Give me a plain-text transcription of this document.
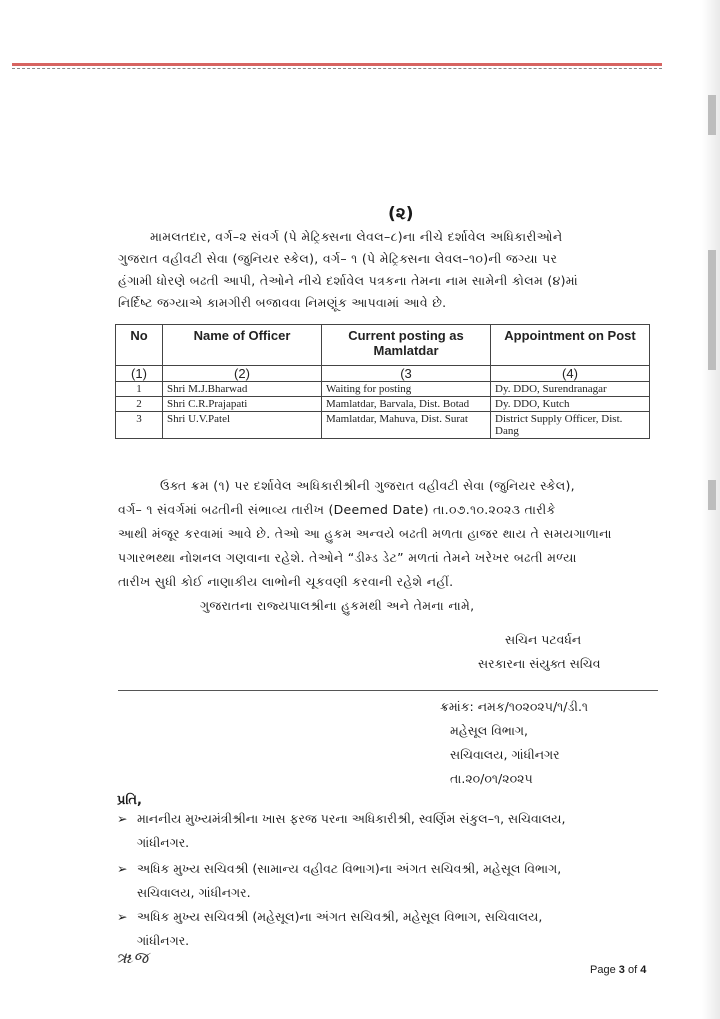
(૨)
મામલતદાર, વર્ગ–૨ સંવર્ગ (પે મેટ્રિક્સના લેવલ–૮)ના નીચે દર્શાવેલ અધિકારીઓને
ગુજરાત વહીવટી સેવા (જુનિયર સ્કેલ), વર્ગ– ૧ (પે મેટ્રિક્સના લેવલ–૧૦)ની જગ્યા પર
હંગામી ધોરણે બઢતી આપી, તેઓને નીચે દર્શાવેલ પત્રકના તેમના નામ સામેની કોલમ (૪)માં
નિર્દિષ્ટ જગ્યાએ કામગીરી બજાવવા નિમણૂંક આપવામાં આવે છે.
No	Name of Officer	Current posting as Mamlatdar	Appointment on Post
(1)	(2)	(3	(4)
1	Shri M.J.Bharwad	Waiting for posting	Dy. DDO, Surendranagar
2	Shri C.R.Prajapati	Mamlatdar, Barvala, Dist. Botad	Dy. DDO, Kutch
3	Shri U.V.Patel	Mamlatdar, Mahuva, Dist. Surat	District Supply Officer, Dist. Dang
ઉક્ત ક્રમ (૧) પર દર્શાવેલ અધિકારીશ્રીની ગુજરાત વહીવટી સેવા (જુનિયર સ્કેલ),
વર્ગ– ૧ સંવર્ગમાં બઢતીની સંભાવ્ય તારીખ (Deemed Date) તા.૦૭.૧૦.૨૦૨૩ તારીકે
આથી મંજૂર કરવામાં આવે છે. તેઓ આ હુકમ અન્વયે બઢતી મળતા હાજર થાય તે સમયગાળાના
પગારભથ્થા નોશનલ ગણવાના રહેશે. તેઓને “ડીમ્ડ ડેટ” મળતાં તેમને ખરેખર બઢતી મળ્યા
તારીખ સુધી કોઈ નાણાકીય લાભોની ચૂકવણી કરવાની રહેશે નહીં.
ગુજરાતના રાજ્યપાલશ્રીના હુકમથી અને તેમના નામે,
સચિન પટવર્ધન
સરકારના સંયુક્ત સચિવ
ક્રમાંક: નમક/૧૦૨૦૨૫/૧/ડી.૧
મહેસૂલ વિભાગ,
સચિવાલય, ગાંધીનગર
તા.૨૦/૦૧/૨૦૨૫
પ્રતિ,
➢ માનનીય મુખ્યમંત્રીશ્રીના ખાસ ફરજ પરના અધિકારીશ્રી, સ્વર્ણિમ સંકુલ–૧, સચિવાલય,
ગાંધીનગર.
➢ અધિક મુખ્ય સચિવશ્રી (સામાન્ય વહીવટ વિભાગ)ના અંગત સચિવશ્રી, મહેસૂલ વિભાગ,
સચિવાલય, ગાંધીનગર.
➢ અધિક મુખ્ય સચિવશ્રી (મહેસૂલ)ના અંગત સચિવશ્રી, મહેસૂલ વિભાગ, સચિવાલય,
ગાંધીનગર.
ૠજ
Page 3 of 4
